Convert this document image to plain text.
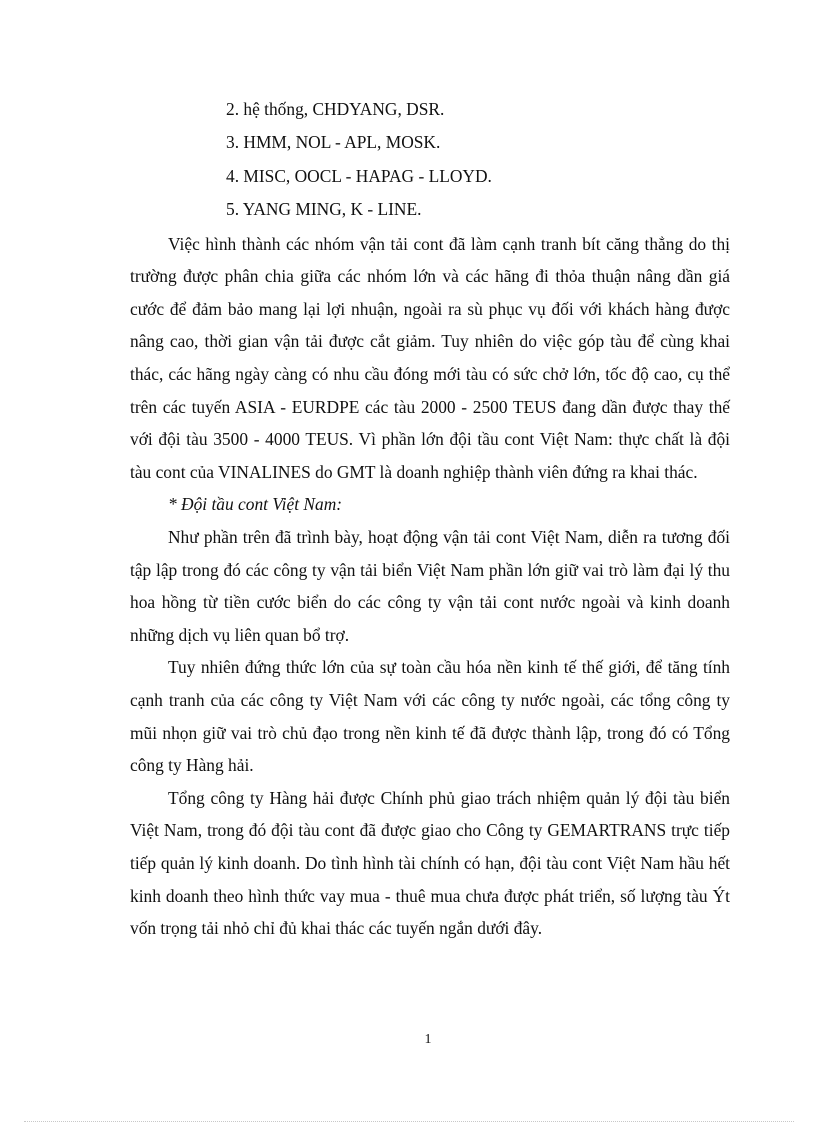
2. hệ thống, CHDYANG, DSR.
3. HMM, NOL - APL, MOSK.
4. MISC, OOCL - HAPAG - LLOYD.
5. YANG MING, K - LINE.

Việc hình thành các nhóm vận tải cont đã làm cạnh tranh bít căng thẳng do thị trường được phân chia giữa các nhóm lớn và các hãng đi thỏa thuận nâng dần giá cước để đảm bảo mang lại lợi nhuận, ngoài ra sù phục vụ đối với khách hàng được nâng cao, thời gian vận tải được cắt giảm. Tuy nhiên do việc góp tàu để cùng khai thác, các hãng ngày càng có nhu cầu đóng mới tàu có sức chở lớn, tốc độ cao, cụ thể trên các tuyến ASIA - EURDPE các tàu 2000 - 2500 TEUS đang dần được thay thế với đội tàu 3500 - 4000 TEUS. Vì phần lớn đội tầu cont Việt Nam: thực chất là đội tàu cont của VINALINES do GMT là doanh nghiệp thành viên đứng ra khai thác.

* Đội tầu cont Việt Nam:

Như phần trên đã trình bày, hoạt động vận tải cont Việt Nam, diễn ra tương đối tập lập trong đó các công ty vận tải biển Việt Nam phần lớn giữ vai trò làm đại lý thu hoa hồng từ tiền cước biển do các công ty vận tải cont nước ngoài và kinh doanh những dịch vụ liên quan bổ trợ.

Tuy nhiên đứng thức lớn của sự toàn cầu hóa nền kinh tế thế giới, để tăng tính cạnh tranh của các công ty Việt Nam với các công ty nước ngoài, các tổng công ty mũi nhọn giữ vai trò chủ đạo trong nền kinh tế đã được thành lập, trong đó có Tổng công ty Hàng hải.

Tổng công ty Hàng hải được Chính phủ giao trách nhiệm quản lý đội tàu biển Việt Nam, trong đó đội tàu cont đã được giao cho Công ty GEMARTRANS trực tiếp tiếp quản lý kinh doanh. Do tình hình tài chính có hạn, đội tàu cont Việt Nam hầu hết kinh doanh theo hình thức vay mua - thuê mua chưa được phát triển, số lượng tàu Ýt vốn trọng tải nhỏ chỉ đủ khai thác các tuyến ngắn dưới đây.

1
